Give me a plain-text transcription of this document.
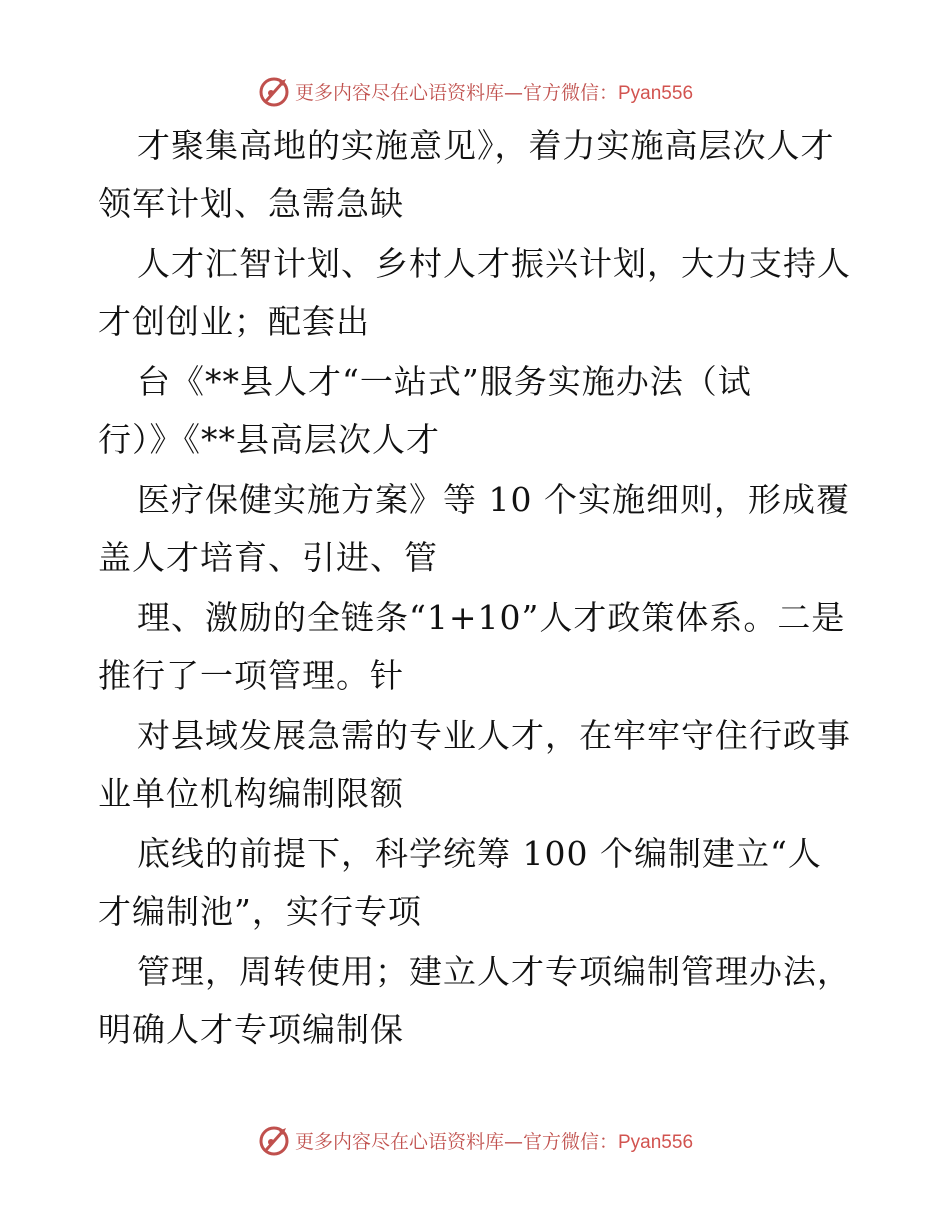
更多内容尽在心语资料库—官方微信：Pyan556
才聚集高地的实施意见》，着力实施高层次人才
领军计划、急需急缺
人才汇智计划、乡村人才振兴计划，大力支持人
才创创业；配套出
台《**县人才“一站式”服务实施办法（试
行）》《**县高层次人才
医疗保健实施方案》等 10 个实施细则，形成覆
盖人才培育、引进、管
理、激励的全链条“1+10”人才政策体系。二是
推行了一项管理。针
对县域发展急需的专业人才，在牢牢守住行政事
业单位机构编制限额
底线的前提下，科学统筹 100 个编制建立“人
才编制池”，实行专项
管理，周转使用；建立人才专项编制管理办法，
明确人才专项编制保
更多内容尽在心语资料库—官方微信：Pyan556
